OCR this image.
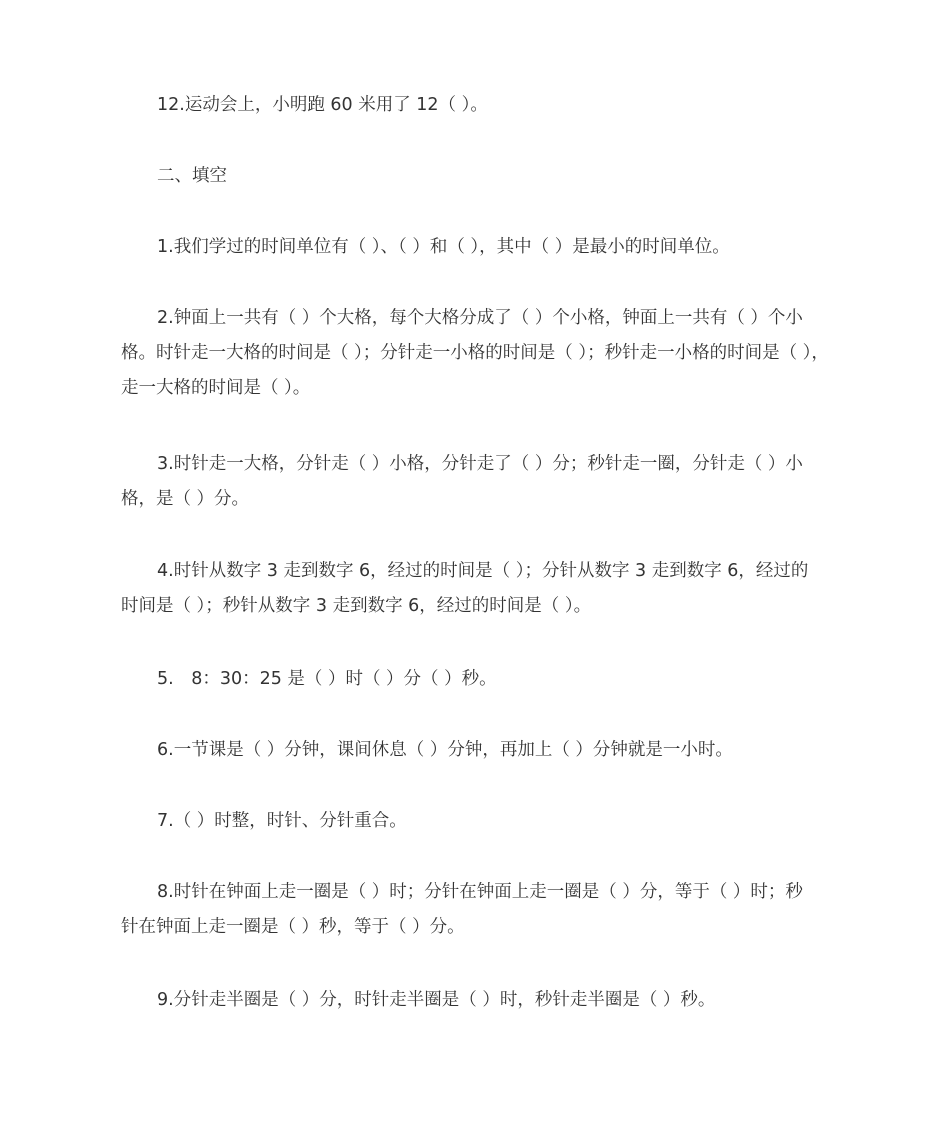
12.运动会上，小明跑 60 米用了 12（ ）。

二、填空

1.我们学过的时间单位有（ ）、（ ）和（ ），其中（ ）是最小的时间单位。

2.钟面上一共有（ ）个大格，每个大格分成了（ ）个小格，钟面上一共有（ ）个小
格。时针走一大格的时间是（ ）；分针走一小格的时间是（ ）；秒针走一小格的时间是（ ），
走一大格的时间是（ ）。
3.时针走一大格，分针走（ ）小格，分针走了（ ）分；秒针走一圈，分针走（ ）小
格，是（ ）分。
4.时针从数字 3 走到数字 6，经过的时间是（ ）；分针从数字 3 走到数字 6，经过的
时间是（ ）；秒针从数字 3 走到数字 6，经过的时间是（ ）。

5.　8：30：25 是（ ）时（ ）分（ ）秒。

6.一节课是（ ）分钟，课间休息（ ）分钟，再加上（ ）分钟就是一小时。

7.（ ）时整，时针、分针重合。

8.时针在钟面上走一圈是（ ）时；分针在钟面上走一圈是（ ）分，等于（ ）时；秒
针在钟面上走一圈是（ ）秒，等于（ ）分。

9.分针走半圈是（ ）分，时针走半圈是（ ）时，秒针走半圈是（ ）秒。
